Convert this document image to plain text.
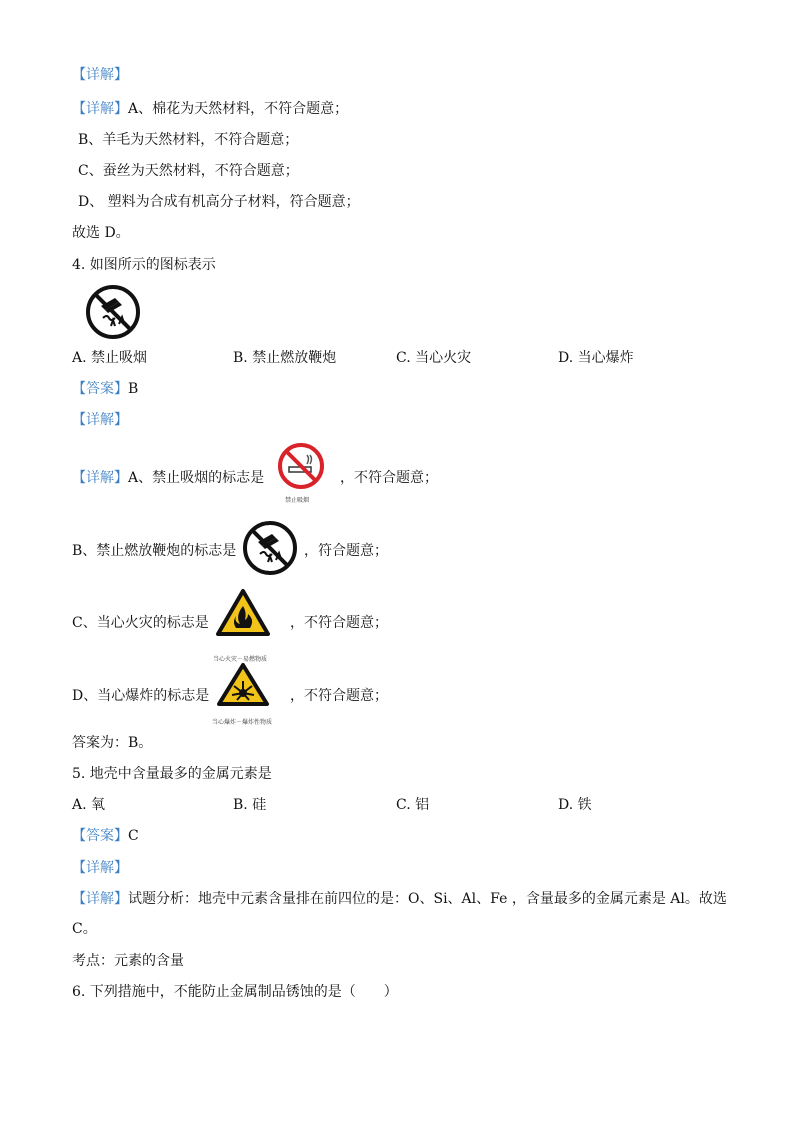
【详解】
【详解】A、棉花为天然材料，不符合题意；
B、羊毛为天然材料，不符合题意；
C、蚕丝为天然材料，不符合题意；
D、 塑料为合成有机高分子材料，符合题意；
故选 D。
4. 如图所示的图标表示
A. 禁止吸烟	B. 禁止燃放鞭炮	C. 当心火灾	D. 当心爆炸
【答案】B
【详解】
【详解】A、禁止吸烟的标志是
禁止吸烟
，不符合题意；
B、禁止燃放鞭炮的标志是	，符合题意；
C、当心火灾的标志是
当心火灾－易燃物质
，不符合题意；
D、当心爆炸的标志是
当心爆炸－爆炸性物质
，不符合题意；
答案为：B。
5. 地壳中含量最多的金属元素是
A. 氧	B. 硅	C. 铝	D. 铁
【答案】C
【详解】
【详解】试题分析：地壳中元素含量排在前四位的是：O、Si、Al、Fe ，含量最多的金属元素是 Al。故选
C。
考点：元素的含量
6. 下列措施中，不能防止金属制品锈蚀的是（　　）
